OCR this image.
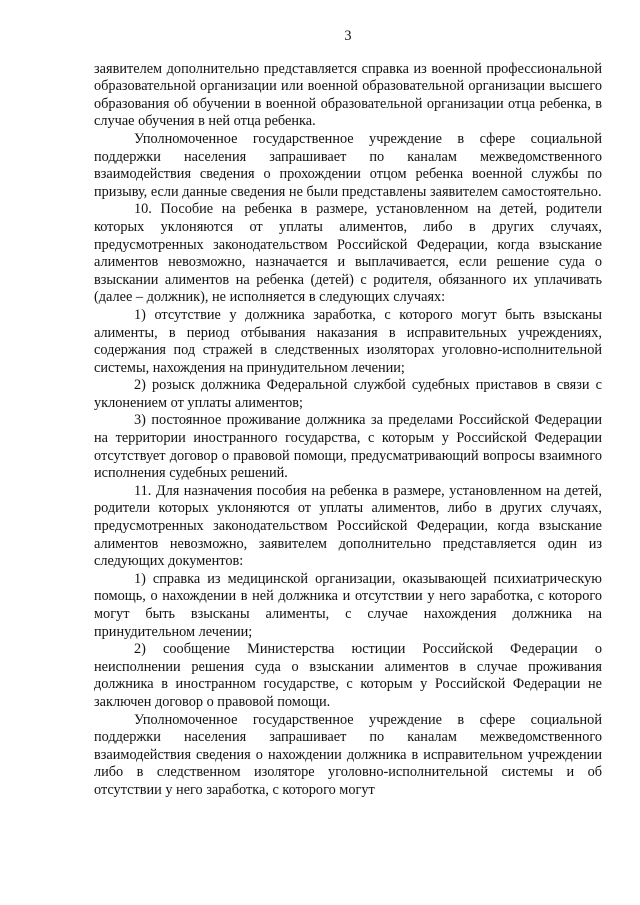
3

заявителем дополнительно представляется справка из военной профессиональной образовательной организации или военной образовательной организации высшего образования об обучении в военной образовательной организации отца ребенка, в случае обучения в ней отца ребенка.

Уполномоченное государственное учреждение в сфере социальной поддержки населения запрашивает по каналам межведомственного взаимодействия сведения о прохождении отцом ребенка военной службы по призыву, если данные сведения не были представлены заявителем самостоятельно.

10. Пособие на ребенка в размере, установленном на детей, родители которых уклоняются от уплаты алиментов, либо в других случаях, предусмотренных законодательством Российской Федерации, когда взыскание алиментов невозможно, назначается и выплачивается, если решение суда о взыскании алиментов на ребенка (детей) с родителя, обязанного их уплачивать (далее – должник), не исполняется в следующих случаях:

1) отсутствие у должника заработка, с которого могут быть взысканы алименты, в период отбывания наказания в исправительных учреждениях, содержания под стражей в следственных изоляторах уголовно-исполнительной системы, нахождения на принудительном лечении;

2) розыск должника Федеральной службой судебных приставов в связи с уклонением от уплаты алиментов;

3) постоянное проживание должника за пределами Российской Федерации на территории иностранного государства, с которым у Российской Федерации отсутствует договор о правовой помощи, предусматривающий вопросы взаимного исполнения судебных решений.

11. Для назначения пособия на ребенка в размере, установленном на детей, родители которых уклоняются от уплаты алиментов, либо в других случаях, предусмотренных законодательством Российской Федерации, когда взыскание алиментов невозможно, заявителем дополнительно представляется один из следующих документов:

1) справка из медицинской организации, оказывающей психиатрическую помощь, о нахождении в ней должника и отсутствии у него заработка, с которого могут быть взысканы алименты, с случае нахождения должника на принудительном лечении;

2) сообщение Министерства юстиции Российской Федерации о неисполнении решения суда о взыскании алиментов в случае проживания должника в иностранном государстве, с которым у Российской Федерации не заключен договор о правовой помощи.

Уполномоченное государственное учреждение в сфере социальной поддержки населения запрашивает по каналам межведомственного взаимодействия сведения о нахождении должника в исправительном учреждении либо в следственном изоляторе уголовно-исполнительной системы и об отсутствии у него заработка, с которого могут
